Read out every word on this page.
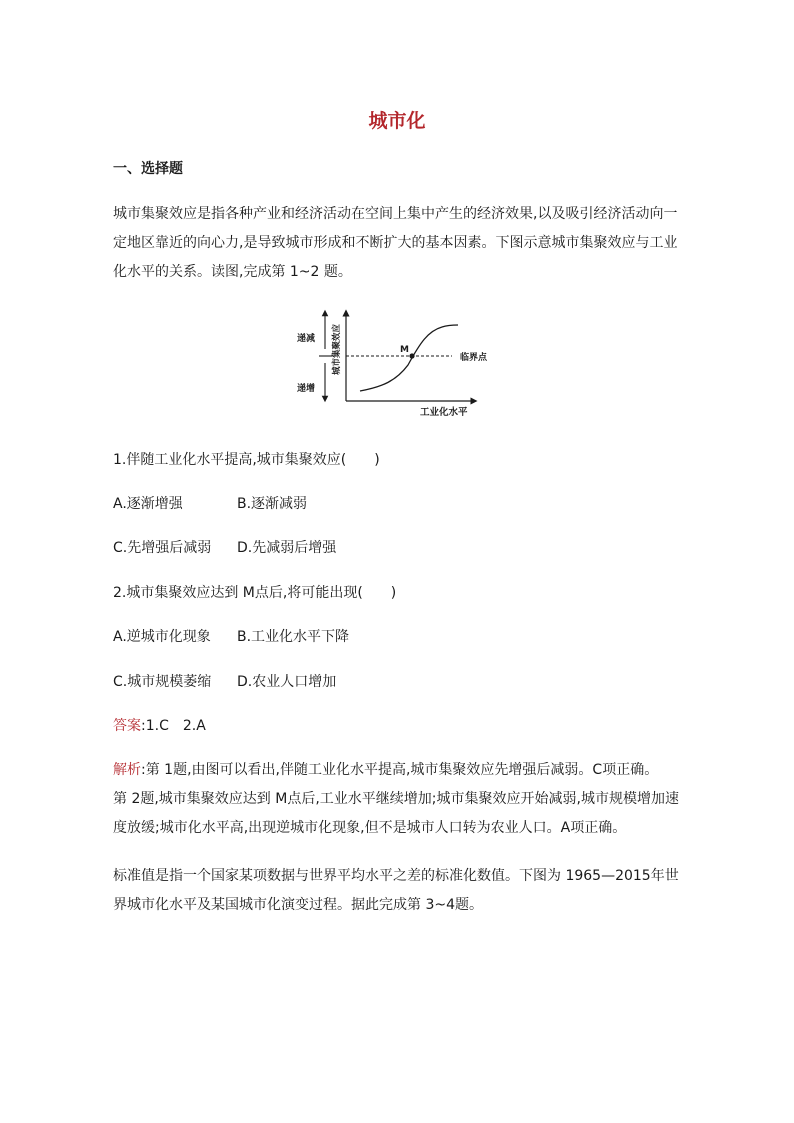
城市化
一、选择题
城市集聚效应是指各种产业和经济活动在空间上集中产生的经济效果,以及吸引经济活动向一定地区靠近的向心力,是导致城市形成和不断扩大的基本因素。下图示意城市集聚效应与工业化水平的关系。读图,完成第 1~2 题。
M
临界点
递减
递增
工业化水平
城市集聚效应
1.伴随工业化水平提高,城市集聚效应(　　)
A.逐渐增强	B.逐渐减弱
C.先增强后减弱 D.先减弱后增强
2.城市集聚效应达到 M点后,将可能出现(　　)
A.逆城市化现象 B.工业化水平下降
C.城市规模萎缩 D.农业人口增加
答案:1.C　2.A
解析:第 1题,由图可以看出,伴随工业化水平提高,城市集聚效应先增强后减弱。C项正确。
第 2题,城市集聚效应达到 M点后,工业水平继续增加;城市集聚效应开始减弱,城市规模增加速度放缓;城市化水平高,出现逆城市化现象,但不是城市人口转为农业人口。A项正确。
标准值是指一个国家某项数据与世界平均水平之差的标准化数值。下图为 1965—2015年世界城市化水平及某国城市化演变过程。据此完成第 3~4题。
